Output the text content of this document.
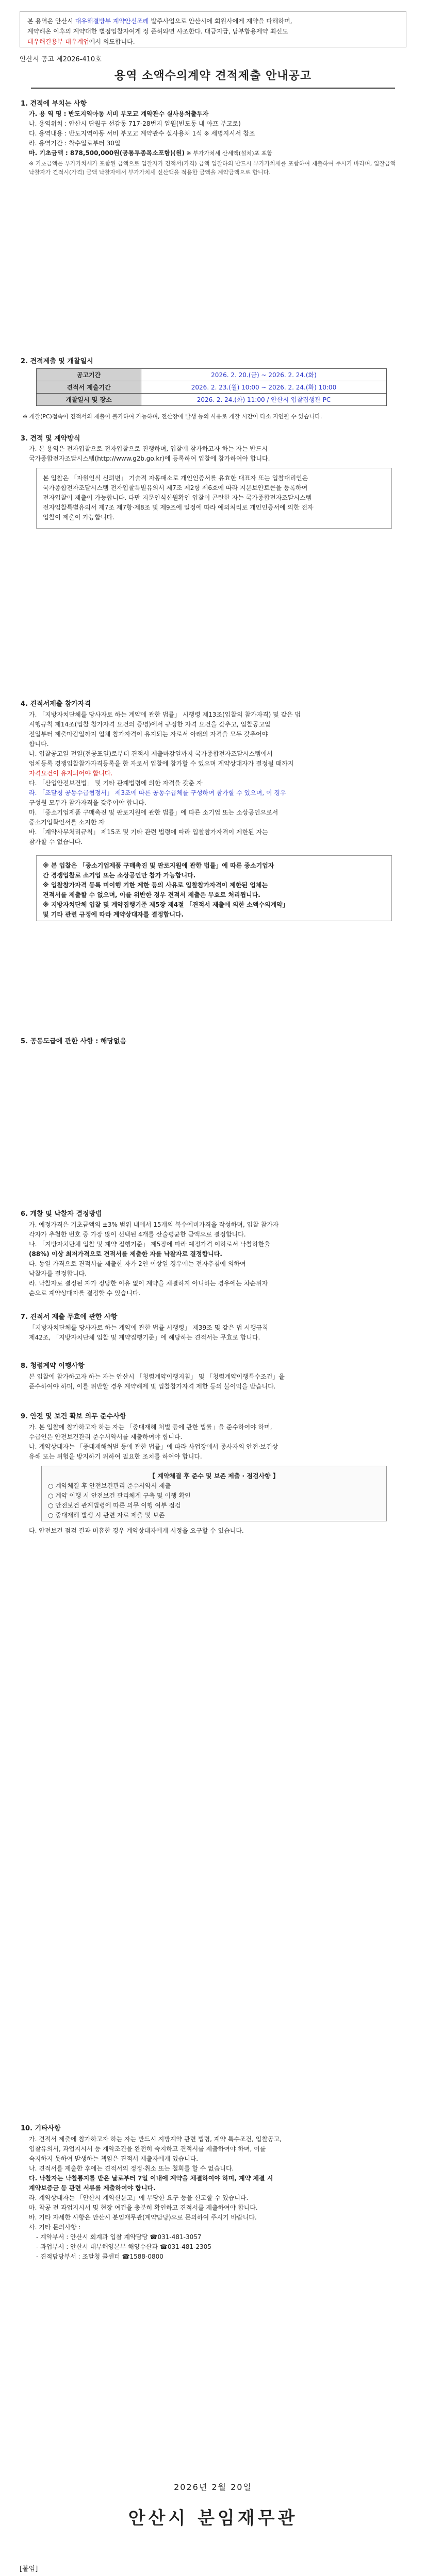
본 용역은 안산시 대우해결방부 계약안신조례 발주사업으로 안산시에 회원사에게 계약을 다해하며,
계약해온 이후의 계약대한 별점입찰자여게 정 준허와면 사조한다. 대금지급, 남부합용제약 최신도
대우해결용부 대우계업에서 의도합니다.
안산시 공고 제2026-410호
용역 소액수의계약 견적제출 안내공고
1. 견적에 부치는 사항
가. 용 역 명 : 반도지역아동 서비 부모교 계약관수 실사용처출투자
나. 용역위치 : 안산시 단원구 선감동 717-28번지 일원(빈도동 내 아프 부고로)
다. 용역내용 : 반도지역아동 서비 부모교 계약관수 실사용처 1식 ※ 세명지시서 참조
라. 용역기간 : 착수일로부터 30일
마. 기초금액 : 878,500,000원(공통투종목소포함)(원) ※ 부가가치세 산세액(설치)포 포함
※ 기초금액은 부가가치세가 포함된 금액으로 입찰자가 견적서(가격) 금액 입찰하의 반드시 부가가치세를 포함하여 제출하여 주시기 바라며, 입찰금액 낙찰자가 견적시(가격) 금액 낙찰자에서 부가가치세 신산액을 적용한 금액을 계약금액으로 합니다.
2. 견적제출 및 개찰일시
공고기간	2026. 2. 20.(금) ~ 2026. 2. 24.(화)
견적서 제출기간	2026. 2. 23.(월) 10:00 ~ 2026. 2. 24.(화) 10:00
개찰일시 및 장소	2026. 2. 24.(화) 11:00 / 안산시 입찰집행관 PC
※ 개찰(PC)접속이 견적서의 제출이 불가하여 가능하며, 전산장애 발생 등의 사유로 개찰 시간이 다소 지연될 수 있습니다.
3. 견적 및 계약방식
가. 본 용역은 전자입찰으로 전자입찰으로 진행하며, 입찰에 참가하고자 하는 자는 반드시
국가종합전자조달시스템(http://www.g2b.go.kr)에 등록하여 입찰에 참가하여야 합니다.
본 입찰은 「자원인식 신뢰변」 기술적 자동패소로 개인인증서를 유효한 대표자 또는 입찰대리인은
국가종합전자조달시스템 전자입찰특별유의서 제7조 제2항 제6호에 따라 지문보안토큰을 등록하여
전자입찰이 제출이 가능합니다. 다만 지문인식신원확인 입찰이 곤란한 자는 국가종합전자조달시스템
전자입찰특별유의서 제7조 제7항·제8조 및 제9조에 일정에 따라 예외처리로 개인인증서에 의한 전자
입찰이 제출이 가능합니다.
4. 견적서제출 참가자격
가. 「지방자치단체를 당사자로 하는 계약에 관한 법률」 시행령 제13조(입찰의 참가자격) 및 같은 법
시행규칙 제14조(입찰 참가자격 요건의 증명)에서 규정한 자격 요건을 갖추고, 입찰공고일
전일부터 제출마감일까지 업체 참가자격이 유지되는 자로서 아래의 자격을 모두 갖추어야
합니다.
나. 입찰공고일 전일(전공포일)로부터 견적서 제출마감일까지 국가종합전자조달시스템에서
업체등록 경쟁입찰참가자격등록을 한 자로서 입찰에 참가할 수 있으며 계약상대자가 결정될 때까지
자격요건이 유지되어야 합니다.
다. 「산업안전보건법」 및 기타 관계법령에 의한 자격을 갖춘 자
라. 「조달청 공동수급협정서」 제3조에 따른 공동수급체를 구성하여 참가할 수 있으며, 이 경우
구성원 모두가 참가자격을 갖추어야 합니다.
마. 「중소기업제품 구매촉진 및 판로지원에 관한 법률」에 따른 소기업 또는 소상공인으로서
중소기업확인서를 소지한 자
바. 「계약사무처리규칙」 제15조 및 기타 관련 법령에 따라 입찰참가자격이 제한된 자는
참가할 수 없습니다.
※ 본 입찰은 「중소기업제품 구매촉진 및 판로지원에 관한 법률」에 따른 중소기업자
간 경쟁입찰로 소기업 또는 소상공인만 참가 가능합니다.
※ 입찰참가자격 등록 미이행 기한 제한 등의 사유로 입찰참가자격이 제한된 업체는
견적서를 제출할 수 없으며, 이를 위반한 경우 견적서 제출은 무효로 처리됩니다.
※ 지방자치단체 입찰 및 계약집행기준 제5장 제4절 「견적서 제출에 의한 소액수의계약」
및 기타 관련 규정에 따라 계약상대자를 결정합니다.
5. 공동도급에 관한 사항 : 해당없음
6. 개찰 및 낙찰자 결정방법
가. 예정가격은 기초금액의 ±3% 범위 내에서 15개의 복수예비가격을 작성하며, 입찰 참가자
각자가 추첨한 번호 중 가장 많이 선택된 4개를 산술평균한 금액으로 결정합니다.
나. 「지방자치단체 입찰 및 계약 집행기준」 제5장에 따라 예정가격 이하로서 낙찰하한율
(88%) 이상 최저가격으로 견적서를 제출한 자를 낙찰자로 결정합니다.
다. 동일 가격으로 견적서를 제출한 자가 2인 이상일 경우에는 전자추첨에 의하여
낙찰자를 결정합니다.
라. 낙찰자로 결정된 자가 정당한 이유 없이 계약을 체결하지 아니하는 경우에는 차순위자
순으로 계약상대자를 결정할 수 있습니다.
7. 견적서 제출 무효에 관한 사항
「지방자치단체를 당사자로 하는 계약에 관한 법률 시행령」 제39조 및 같은 법 시행규칙
제42조, 「지방자치단체 입찰 및 계약집행기준」에 해당하는 견적서는 무효로 합니다.
8. 청렴계약 이행사항
본 입찰에 참가하고자 하는 자는 안산시 「청렴계약이행지침」 및 「청렴계약이행특수조건」을
준수하여야 하며, 이를 위반할 경우 계약해제 및 입찰참가자격 제한 등의 불이익을 받습니다.
9. 안전 및 보건 확보 의무 준수사항
가. 본 입찰에 참가하고자 하는 자는 「중대재해 처벌 등에 관한 법률」을 준수하여야 하며,
수급인은 안전보건관리 준수서약서를 제출하여야 합니다.
나. 계약상대자는 「중대재해처벌 등에 관한 법률」에 따라 사업장에서 종사자의 안전·보건상
유해 또는 위험을 방지하기 위하여 필요한 조치를 하여야 합니다.
【 계약체결 후 준수 및 보존 제출 · 점검사항 】
○ 계약체결 후 안전보건관리 준수서약서 제출
○ 계약 이행 시 안전보건 관리체계 구축 및 이행 확인
○ 안전보건 관계법령에 따른 의무 이행 여부 점검
○ 중대재해 발생 시 관련 자료 제출 및 보존
다. 안전보건 점검 결과 미흡한 경우 계약상대자에게 시정을 요구할 수 있습니다.
10. 기타사항
가. 견적서 제출에 참가하고자 하는 자는 반드시 지방계약 관련 법령, 계약 특수조건, 입찰공고,
입찰유의서, 과업지시서 등 계약조건을 완전히 숙지하고 견적서를 제출하여야 하며, 이를
숙지하지 못하여 발생하는 책임은 견적서 제출자에게 있습니다.
나. 견적서를 제출한 후에는 견적서의 정정·취소 또는 철회를 할 수 없습니다.
다. 낙찰자는 낙찰통지를 받은 날로부터 7일 이내에 계약을 체결하여야 하며, 계약 체결 시
계약보증금 등 관련 서류를 제출하여야 합니다.
라. 계약상대자는 「안산시 계약신문고」에 부당한 요구 등을 신고할 수 있습니다.
마. 착공 전 과업지시서 및 현장 여건을 충분히 확인하고 견적서를 제출하여야 합니다.
바. 기타 자세한 사항은 안산시 분임재무관(계약담당)으로 문의하여 주시기 바랍니다.
사. 기타 문의사항 :
- 계약부서 : 안산시 회계과 입찰 계약담당 ☎031-481-3057
- 과업부서 : 안산시 대부해양본부 해양수산과 ☎031-481-2305
- 견적담당부서 : 조달청 콜센터 ☎1588-0800
2026년 2월 20일
안산시 분임재무관
[붙임]
